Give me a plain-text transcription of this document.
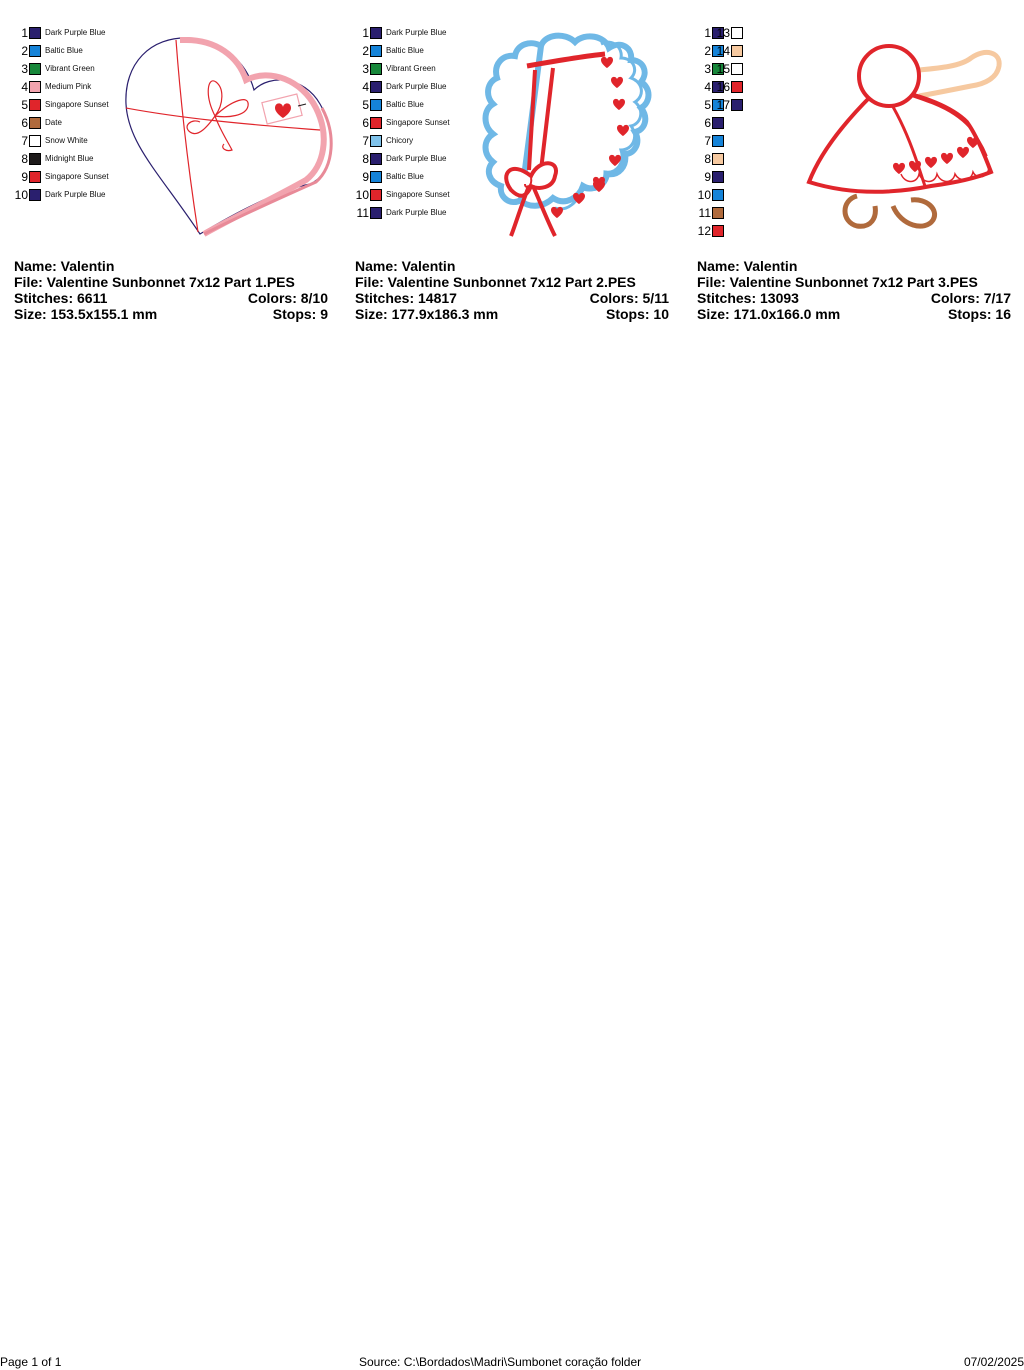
1 Dark Purple Blue
2 Baltic Blue
3 Vibrant Green
4 Medium Pink
5 Singapore Sunset
6 Date
7 Snow White
8 Midnight Blue
9 Singapore Sunset
10 Dark Purple Blue
Name: Valentin
File: Valentine Sunbonnet 7x12 Part 1.PES
Stitches: 6611	Colors: 8/10
Size: 153.5x155.1 mm	Stops: 9
1 Dark Purple Blue
2 Baltic Blue
3 Vibrant Green
4 Dark Purple Blue
5 Baltic Blue
6 Singapore Sunset
7 Chicory
8 Dark Purple Blue
9 Baltic Blue
10 Singapore Sunset
11 Dark Purple Blue
Name: Valentin
File: Valentine Sunbonnet 7x12 Part 2.PES
Stitches: 14817	Colors: 5/11
Size: 177.9x186.3 mm	Stops: 10
1
2
3
4
5
6
7
8
9
10
11
12
13
14
15
16
17
Name: Valentin
File: Valentine Sunbonnet 7x12 Part 3.PES
Stitches: 13093	Colors: 7/17
Size: 171.0x166.0 mm	Stops: 16
Page 1 of 1	Source: C:\Bordados\Madri\Sumbonet coração folder	07/02/2025
